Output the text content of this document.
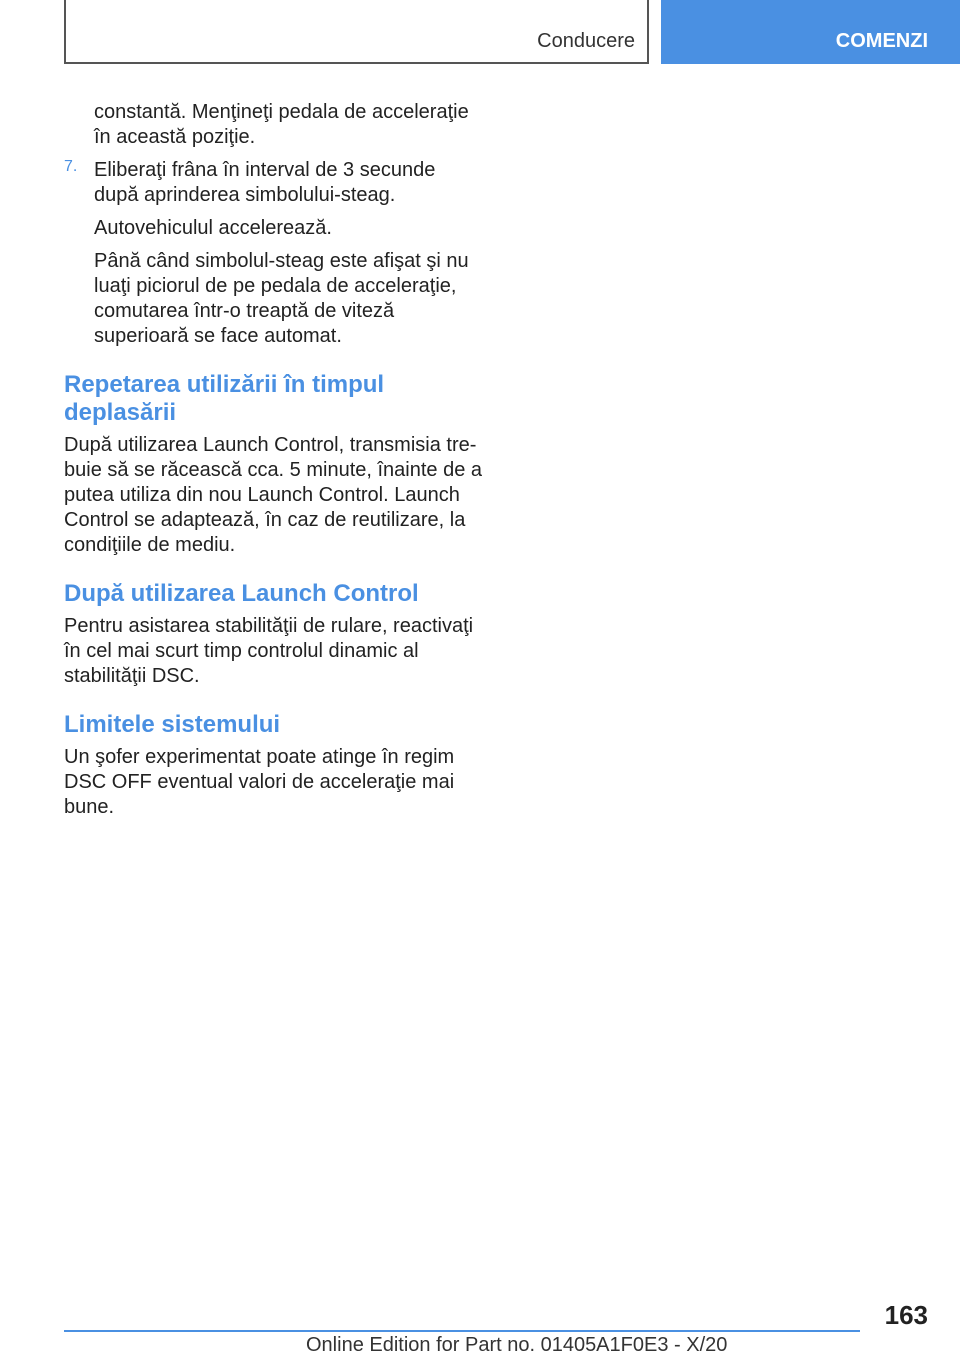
Conducere	COMENZI

constantă. Menţineţi pedala de acceleraţie în această poziţie.

7. Eliberaţi frâna în interval de 3 secunde după aprinderea simbolului-steag.

Autovehiculul accelerează.

Până când simbolul-steag este afişat şi nu luaţi piciorul de pe pedala de acceleraţie, comutarea într-o treaptă de viteză superioară se face automat.

Repetarea utilizării în timpul deplasării

După utilizarea Launch Control, transmisia trebuie să se răcească cca. 5 minute, înainte de a putea utiliza din nou Launch Control. Launch Control se adaptează, în caz de reutilizare, la condiţiile de mediu.

După utilizarea Launch Control

Pentru asistarea stabilităţii de rulare, reactivaţi în cel mai scurt timp controlul dinamic al stabilităţii DSC.

Limitele sistemului

Un şofer experimentat poate atinge în regim DSC OFF eventual valori de acceleraţie mai bune.

163
Online Edition for Part no. 01405A1F0E3 - X/20
